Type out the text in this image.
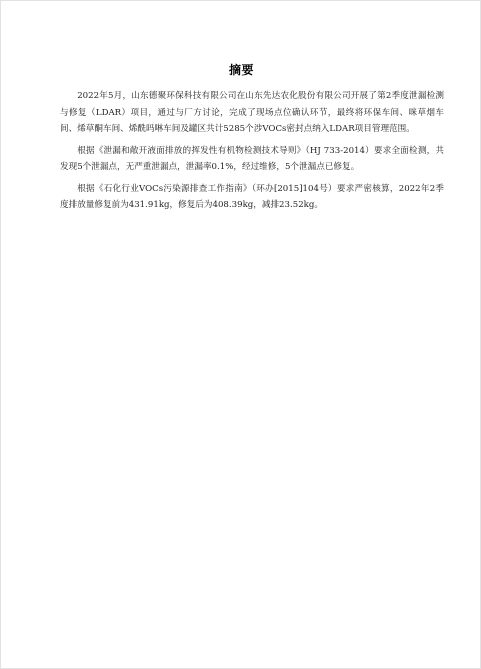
摘要

2022年5月，山东德聚环保科技有限公司在山东先达农化股份有限公司开展了第2季度泄漏检测与修复（LDAR）项目，通过与厂方讨论，完成了现场点位确认环节，最终将环保车间、咪草烟车间、烯草酮车间、烯酰吗啉车间及罐区共计5285个涉VOCs密封点纳入LDAR项目管理范围。

根据《泄漏和敞开液面排放的挥发性有机物检测技术导则》（HJ 733-2014）要求全面检测，共发现5个泄漏点，无严重泄漏点，泄漏率0.1%，经过维修，5个泄漏点已修复。

根据《石化行业VOCs污染源排查工作指南》（环办[2015]104号）要求严密核算，2022年2季度排放量修复前为431.91kg，修复后为408.39kg，减排23.52kg。
